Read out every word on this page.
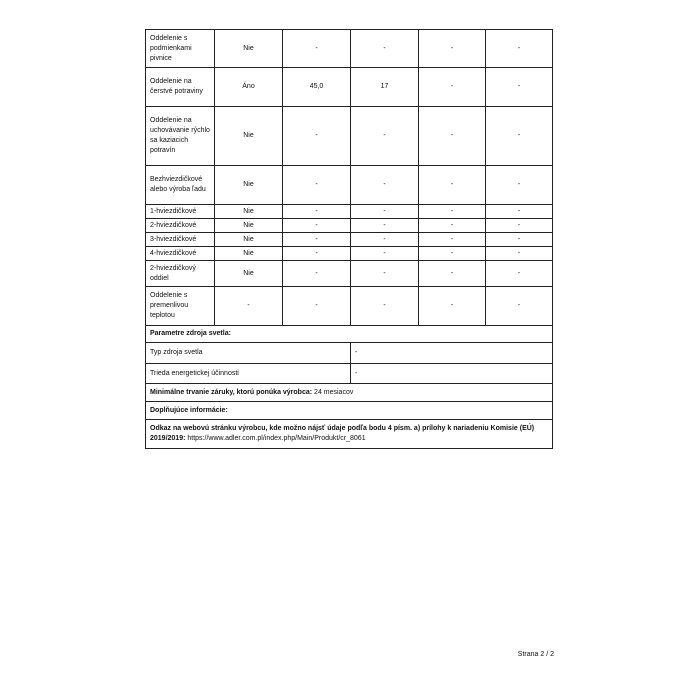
Oddelenie s podmienkami pivnice	Nie	-	-	-	-
Oddelenie na čerstvé potraviny	Áno	45,0	17	-	-
Oddelenie na uchovávanie rýchlo sa kaziacich potravín	Nie	-	-	-	-
Bezhviezdičkové alebo výroba ľadu	Nie	-	-	-	-
1-hviezdičkové	Nie	-	-	-	-
2-hviezdičkové	Nie	-	-	-	-
3-hviezdičkové	Nie	-	-	-	-
4-hviezdičkové	Nie	-	-	-	-
2-hviezdičkový oddiel	Nie	-	-	-	-
Oddelenie s premenlivou teplotou	-	-	-	-	-
Parametre zdroja svetla:					
Typ zdroja svetla			-		
Trieda energetickej účinnosti			-		
Minimálne trvanie záruky, ktorú ponúka výrobca: 24 mesiacov					
Doplňujúce informácie:					
Odkaz na webovú stránku výrobcu, kde možno nájsť údaje podľa bodu 4 písm. a) prílohy k nariadeniu Komisie (EÚ) 2019/2019: https://www.adler.com.pl/index.php/Main/Produkt/cr_8061					
Strana 2 / 2
